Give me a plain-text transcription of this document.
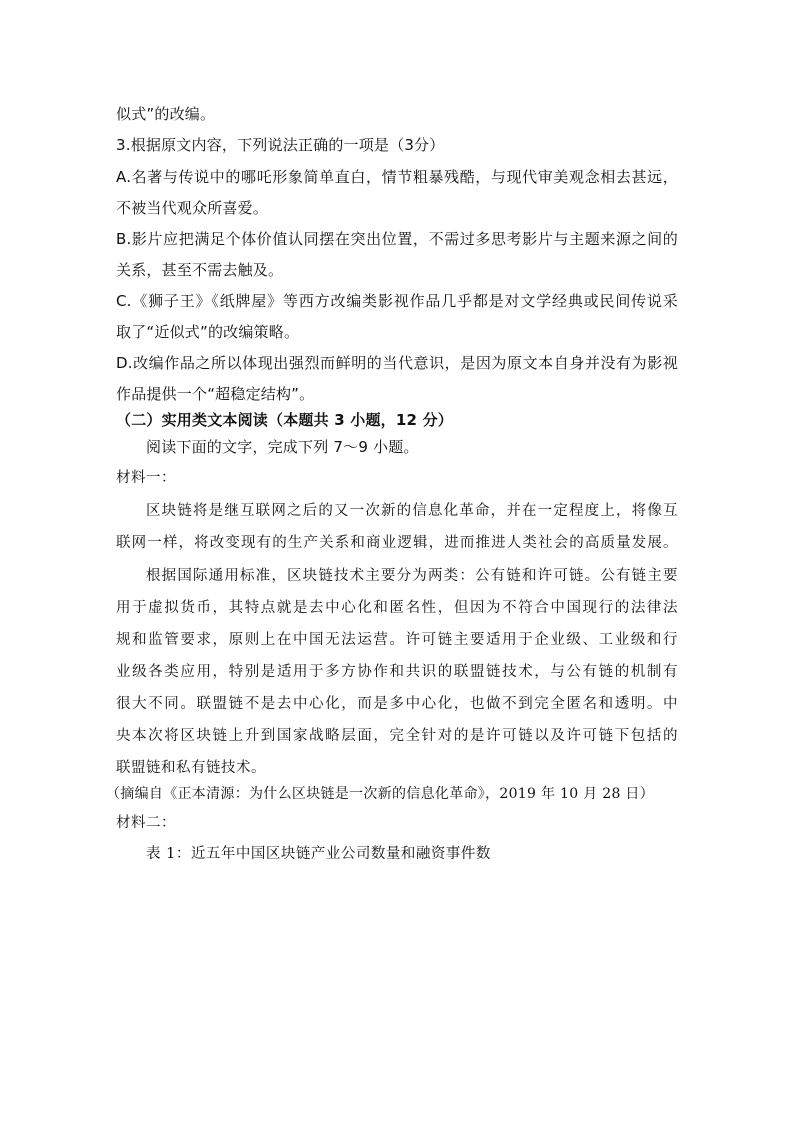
似式”的改编。

3.根据原文内容，下列说法正确的一项是（3分）

A.名著与传说中的哪吒形象简单直白，情节粗暴残酷，与现代审美观念相去甚远，

不被当代观众所喜爱。

B.影片应把满足个体价值认同摆在突出位置，不需过多思考影片与主题来源之间的

关系，甚至不需去触及。

C.《狮子王》《纸牌屋》等西方改编类影视作品几乎都是对文学经典或民间传说采

取了“近似式”的改编策略。

D.改编作品之所以体现出强烈而鲜明的当代意识，是因为原文本自身并没有为影视

作品提供一个“超稳定结构”。

（二）实用类文本阅读（本题共 3 小题，12 分）

阅读下面的文字，完成下列 7～9 小题。

材料一：

区块链将是继互联网之后的又一次新的信息化革命，并在一定程度上，将像互

联网一样，将改变现有的生产关系和商业逻辑，进而推进人类社会的高质量发展。

根据国际通用标准，区块链技术主要分为两类：公有链和许可链。公有链主要

用于虚拟货币，其特点就是去中心化和匿名性，但因为不符合中国现行的法律法

规和监管要求，原则上在中国无法运营。许可链主要适用于企业级、工业级和行

业级各类应用，特别是适用于多方协作和共识的联盟链技术，与公有链的机制有

很大不同。联盟链不是去中心化，而是多中心化，也做不到完全匿名和透明。中

央本次将区块链上升到国家战略层面，完全针对的是许可链以及许可链下包括的

联盟链和私有链技术。

（摘编自《正本清源：为什么区块链是一次新的信息化革命》，2019 年 10 月 28 日）

材料二：

表 1：近五年中国区块链产业公司数量和融资事件数
